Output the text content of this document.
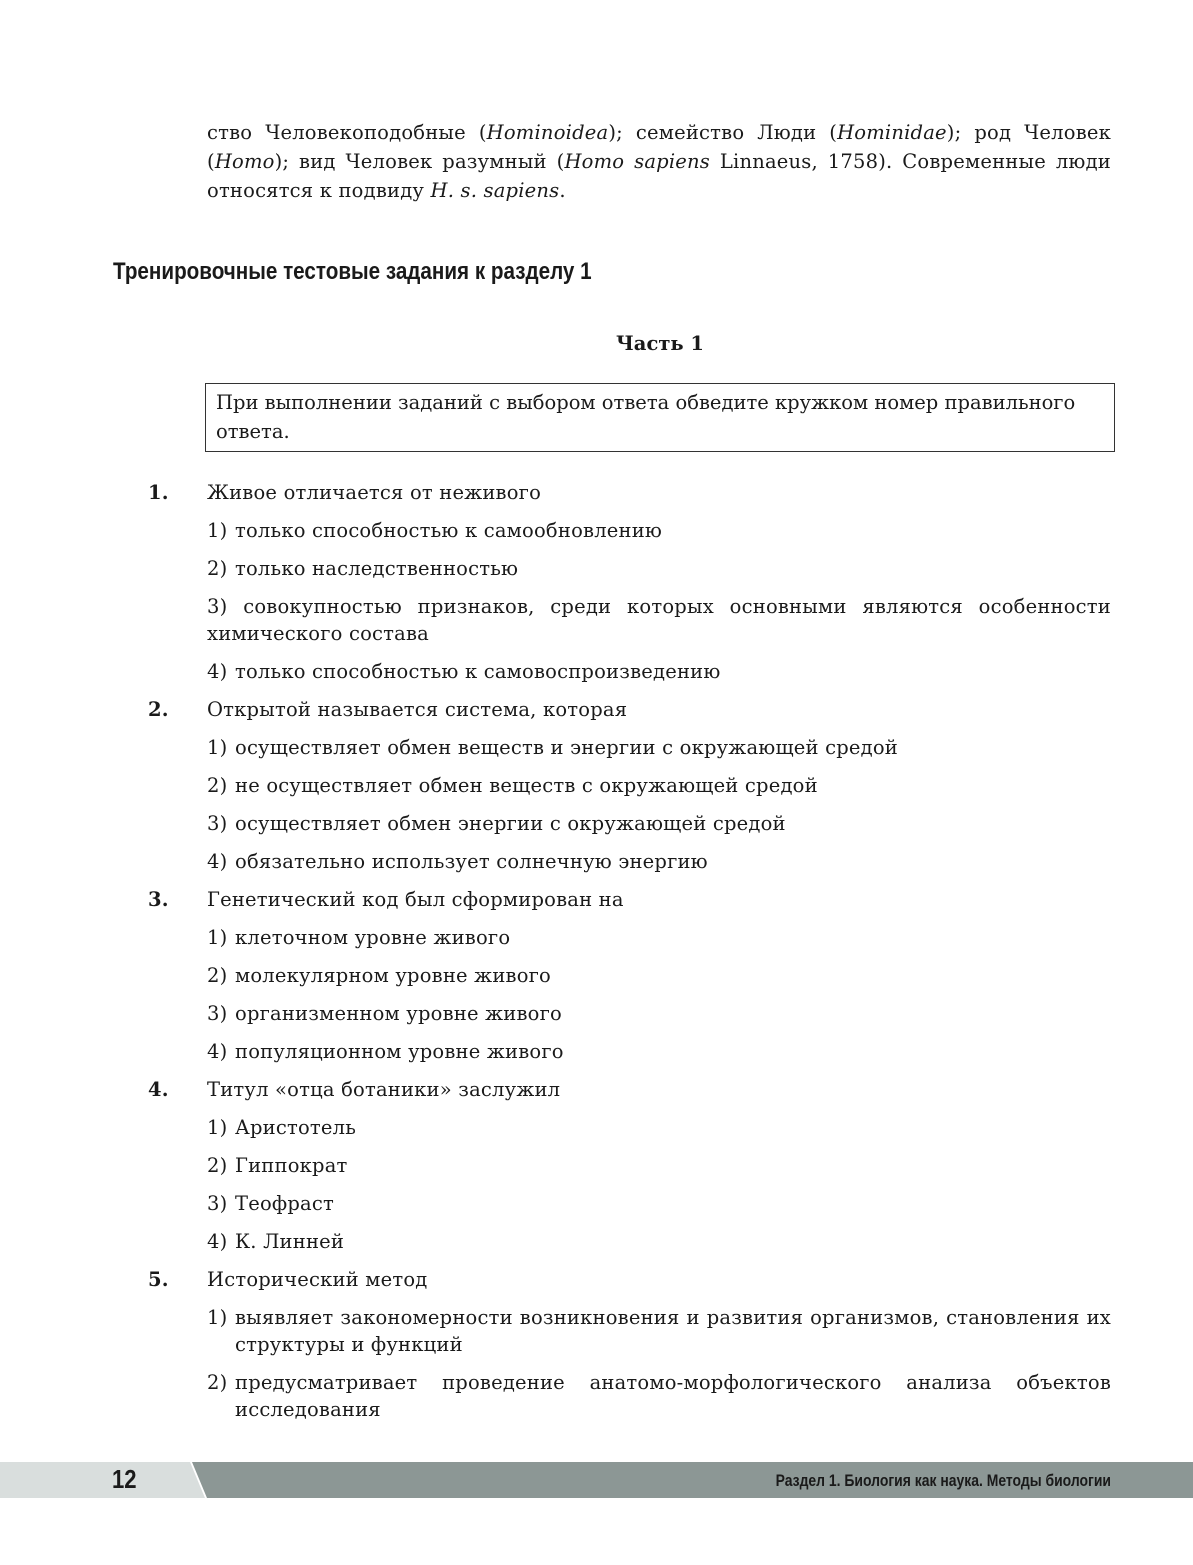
ство Человекоподобные (Hominoidea); семейство Люди (Hominidae); род Человек (Homo); вид Человек разумный (Homo sapiens Linnaeus, 1758). Современные люди относятся к подвиду H. s. sapiens.
Тренировочные тестовые задания к разделу 1
Часть 1
При выполнении заданий с выбором ответа обведите кружком номер правильного ответа.
1.	Живое отличается от неживого
1) только способностью к самообновлению
2) только наследственностью
3) совокупностью признаков, среди которых основными являются особенности химического состава
4) только способностью к самовоспроизведению
2.	Открытой называется система, которая
1) осуществляет обмен веществ и энергии с окружающей средой
2) не осуществляет обмен веществ с окружающей средой
3) осуществляет обмен энергии с окружающей средой
4) обязательно использует солнечную энергию
3.	Генетический код был сформирован на
1) клеточном уровне живого
2) молекулярном уровне живого
3) организменном уровне живого
4) популяционном уровне живого
4.	Титул «отца ботаники» заслужил
1) Аристотель
2) Гиппократ
3) Теофраст
4) К. Линней
5.	Исторический метод
1) выявляет закономерности возникновения и развития организмов, становления их структуры и функций
2) предусматривает проведение анатомо-морфологического анализа объектов исследования
12	Раздел 1. Биология как наука. Методы биологии
